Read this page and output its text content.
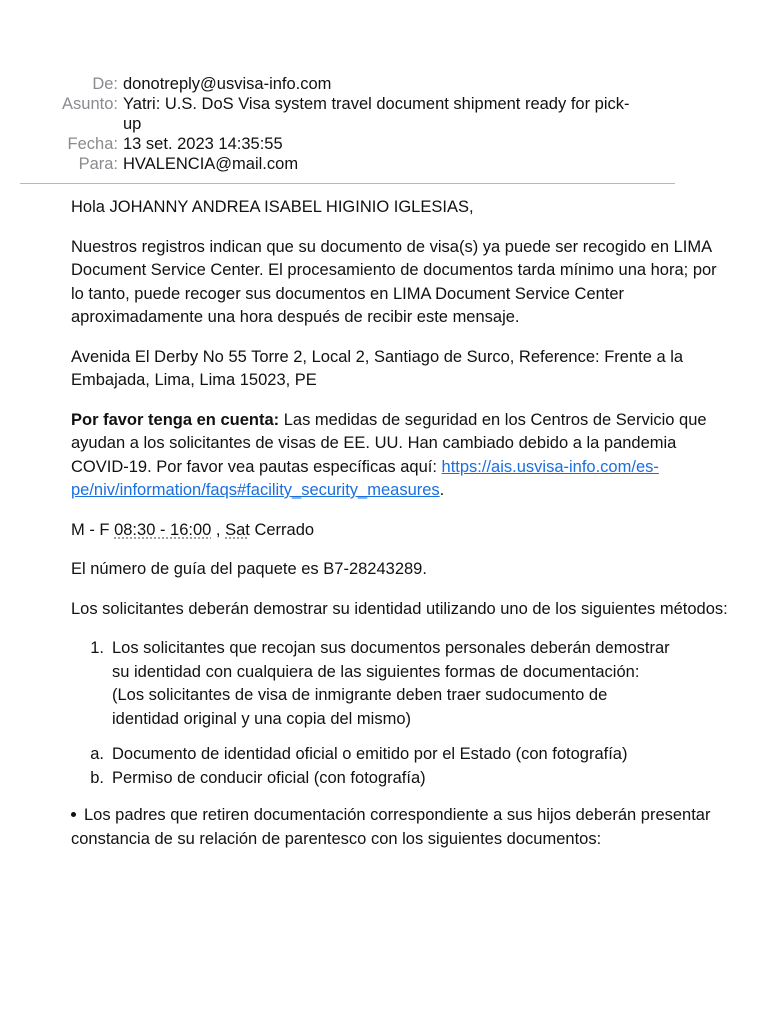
De: donotreply@usvisa-info.com
Asunto: Yatri: U.S. DoS Visa system travel document shipment ready for pick-up
Fecha: 13 set. 2023 14:35:55
Para: HVALENCIA@mail.com

Hola JOHANNY ANDREA ISABEL HIGINIO IGLESIAS,

Nuestros registros indican que su documento de visa(s) ya puede ser recogido en LIMA Document Service Center. El procesamiento de documentos tarda mínimo una hora; por lo tanto, puede recoger sus documentos en LIMA Document Service Center aproximadamente una hora después de recibir este mensaje.

Avenida El Derby No 55 Torre 2, Local 2, Santiago de Surco, Reference: Frente a la Embajada, Lima, Lima 15023, PE

Por favor tenga en cuenta: Las medidas de seguridad en los Centros de Servicio que ayudan a los solicitantes de visas de EE. UU. Han cambiado debido a la pandemia COVID-19. Por favor vea pautas específicas aquí: https://ais.usvisa-info.com/es-pe/niv/information/faqs#facility_security_measures.

M - F 08:30 - 16:00 , Sat Cerrado

El número de guía del paquete es B7-28243289.

Los solicitantes deberán demostrar su identidad utilizando uno de los siguientes métodos:

1. Los solicitantes que recojan sus documentos personales deberán demostrar su identidad con cualquiera de las siguientes formas de documentación: (Los solicitantes de visa de inmigrante deben traer sudocumento de identidad original y una copia del mismo)
a. Documento de identidad oficial o emitido por el Estado (con fotografía)
b. Permiso de conducir oficial (con fotografía)

Los padres que retiren documentación correspondiente a sus hijos deberán presentar constancia de su relación de parentesco con los siguientes documentos:
